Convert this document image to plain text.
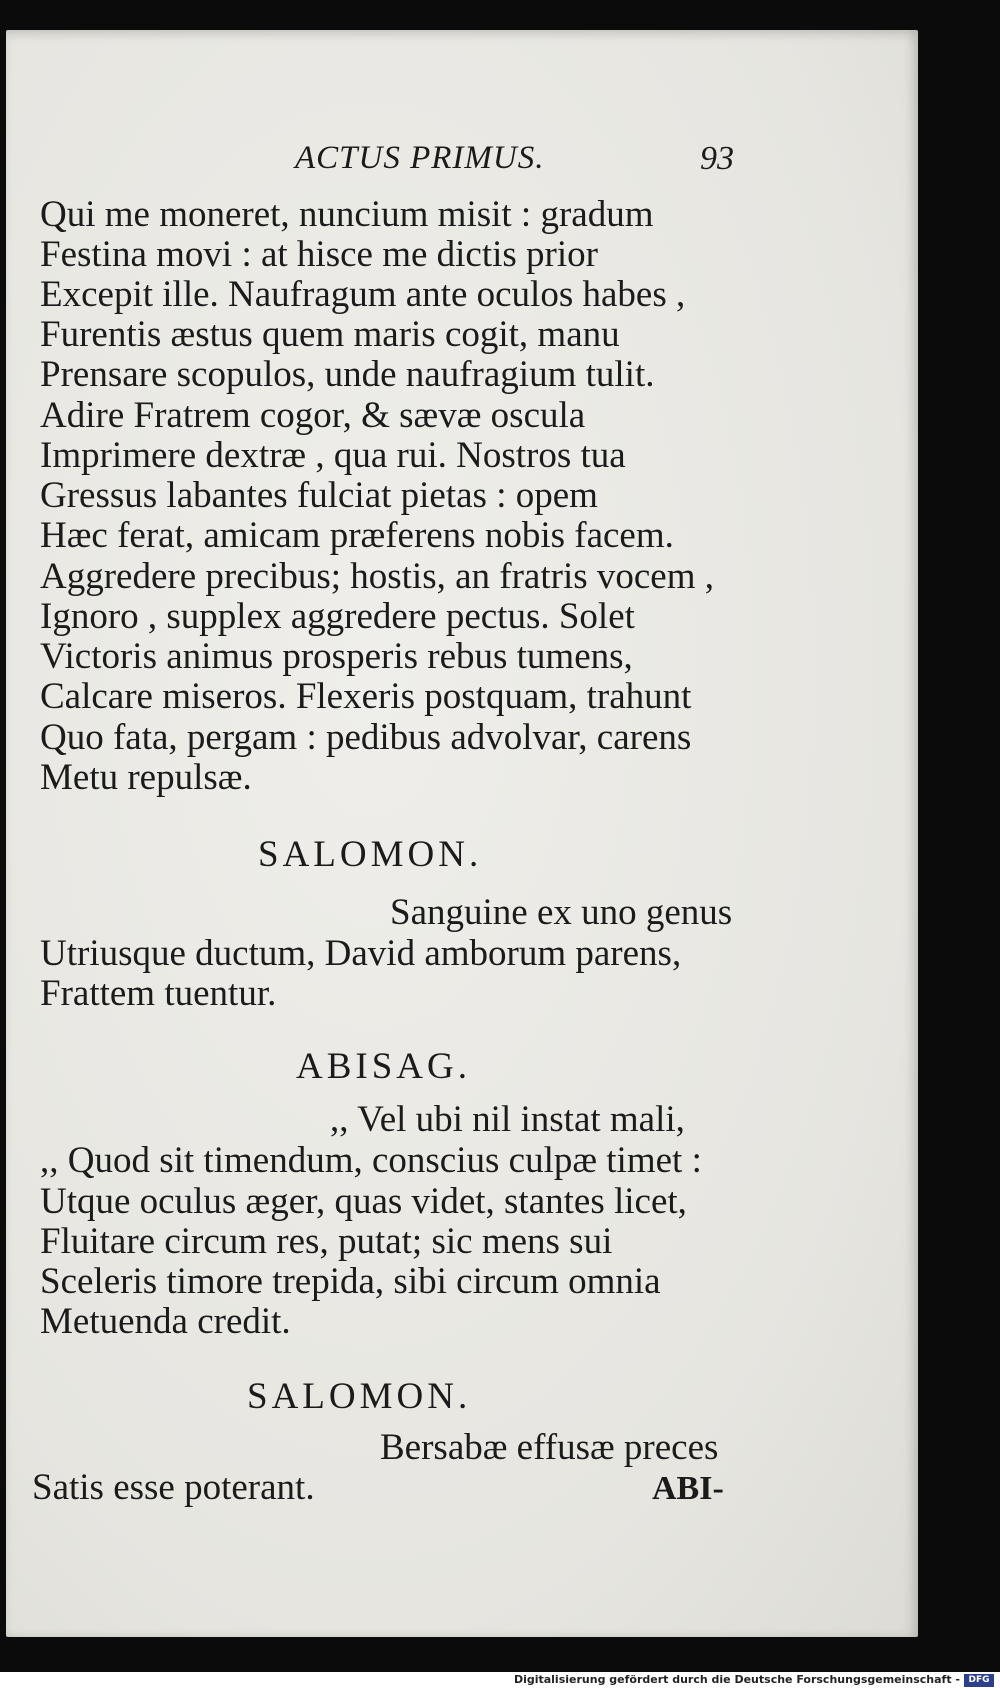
ACTUS PRIMUS.	93
Qui me moneret, nuncium misit : gradum
Festina movi : at hisce me dictis prior
Excepit ille. Naufragum ante oculos habes ,
Furentis æstus quem maris cogit, manu
Prensare scopulos, unde naufragium tulit.
Adire Fratrem cogor, & sævæ oscula
Imprimere dextræ , qua rui. Nostros tua
Gressus labantes fulciat pietas : opem
Hæc ferat, amicam præferens nobis facem.
Aggredere precibus; hostis, an fratris vocem ,
Ignoro , supplex aggredere pectus. Solet
Victoris animus prosperis rebus tumens,
Calcare miseros. Flexeris postquam, trahunt
Quo fata, pergam : pedibus advolvar, carens
Metu repulsæ.
SALOMON.
Sanguine ex uno genus
Utriusque ductum, David amborum parens,
Frattem tuentur.
ABISAG.
,, Vel ubi nil instat mali,
,, Quod sit timendum, conscius culpæ timet :
Utque oculus æger, quas videt, stantes licet,
Fluitare circum res, putat; sic mens sui
Sceleris timore trepida, sibi circum omnia
Metuenda credit.
SALOMON.
Bersabæ effusæ preces
Satis esse poterant.	ABI-
Digitalisierung gefördert durch die Deutsche Forschungsgemeinschaft - DFG
